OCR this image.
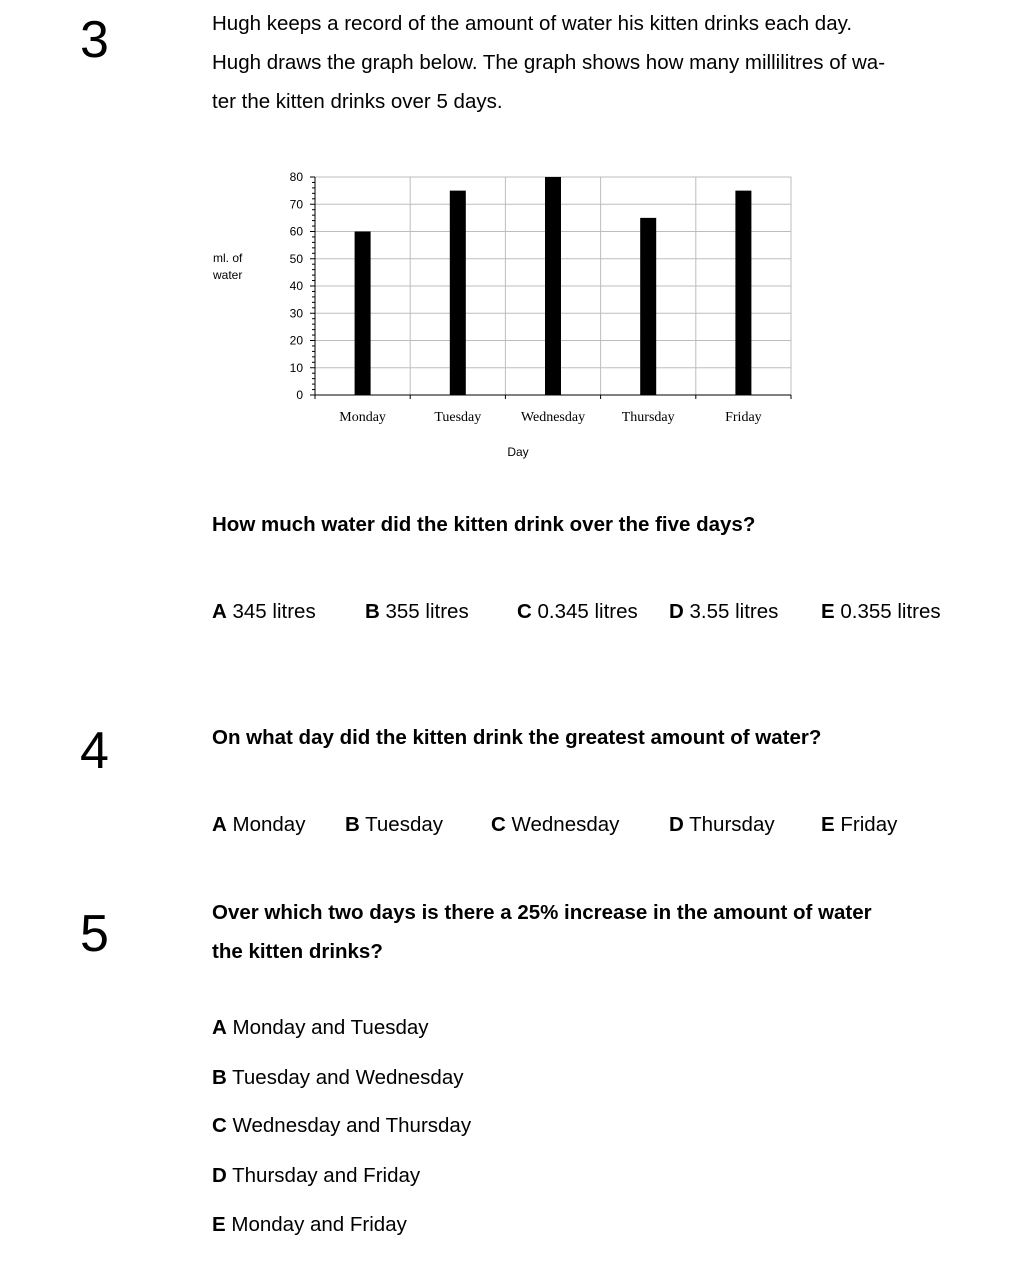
3	Hugh keeps a record of the amount of water his kitten drinks each day.

Hugh draws the graph below. The graph shows how many millilitres of wa-

ter the kitten drinks over 5 days.

0
10
20
30
40
50
60
70
80
Monday	Tuesday	Wednesday	Thursday	Friday
Day
ml. of
water

How much water did the kitten drink over the five days?

A 345 litres B 355 litres C 0.345 litres D 3.55 litres E 0.355 litres
4	On what day did the kitten drink the greatest amount of water?

A Monday B Tuesday C Wednesday D Thursday E Friday
5	Over which two days is there a 25% increase in the amount of water

the kitten drinks?

A Monday and Tuesday
B Tuesday and Wednesday
C Wednesday and Thursday
D Thursday and Friday
E Monday and Friday
